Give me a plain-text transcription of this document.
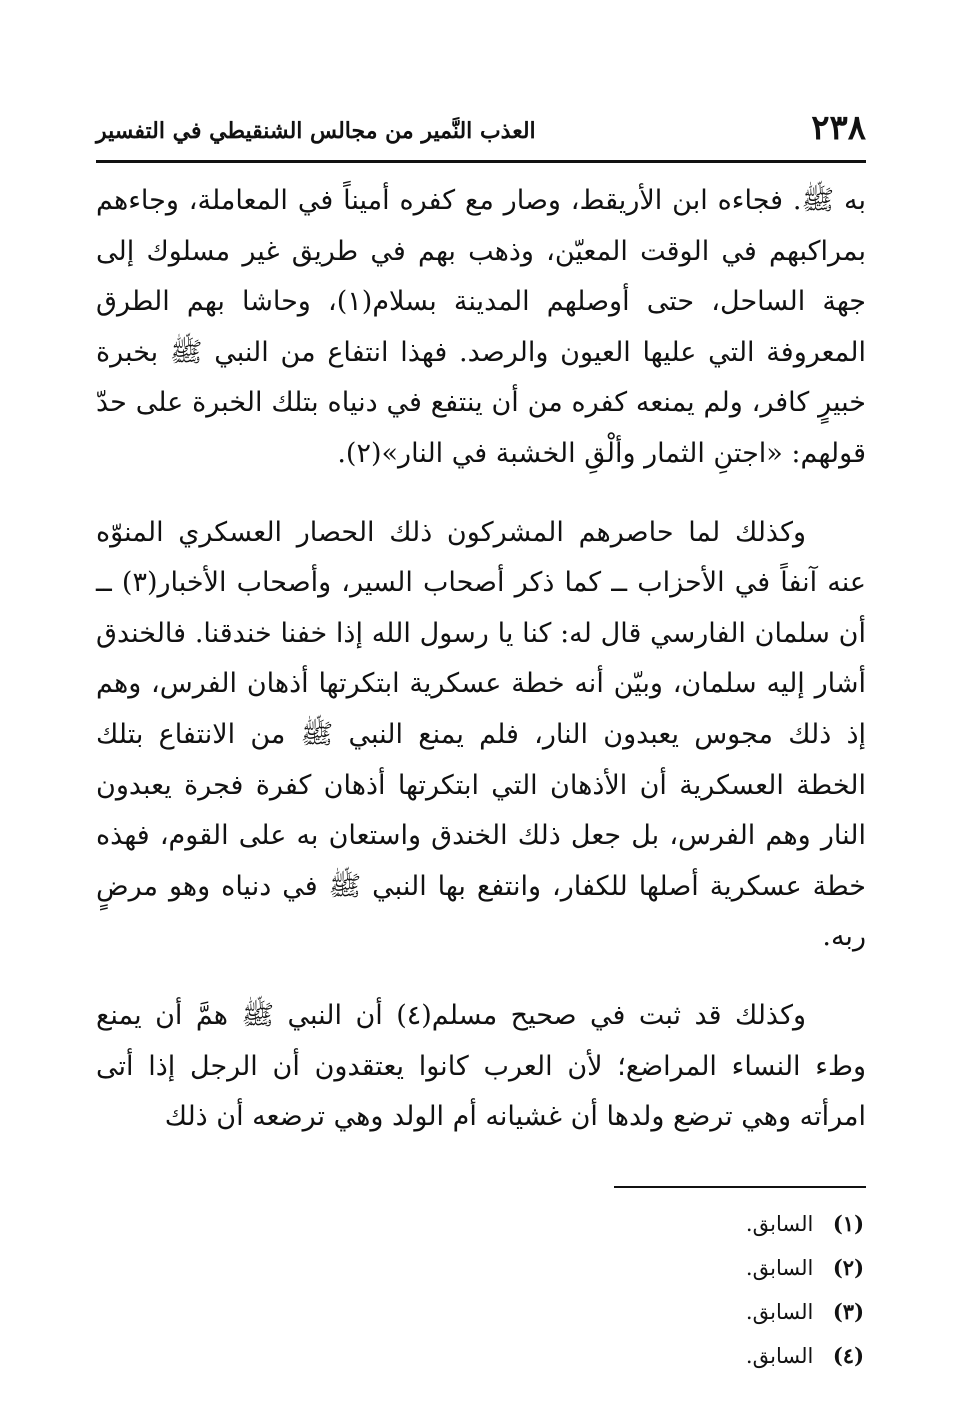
٢٣٨
العذب النَّمير من مجالس الشنقيطي في التفسير

به ﷺ. فجاءه ابن الأريقط، وصار مع كفره أميناً في المعاملة، وجاءهم بمراكبهم في الوقت المعيّن، وذهب بهم في طريق غير مسلوك إلى جهة الساحل، حتى أوصلهم المدينة بسلام(١)، وحاشا بهم الطرق المعروفة التي عليها العيون والرصد. فهذا انتفاع من النبي ﷺ بخبرة خبيرٍ كافر، ولم يمنعه كفره من أن ينتفع في دنياه بتلك الخبرة على حدّ قولهم: «اجتنِ الثمار وألْقِ الخشبة في النار»(٢).

وكذلك لما حاصرهم المشركون ذلك الحصار العسكري المنوّه عنه آنفاً في الأحزاب ــ كما ذكر أصحاب السير، وأصحاب الأخبار(٣) ــ أن سلمان الفارسي قال له: كنا يا رسول الله إذا خفنا خندقنا. فالخندق أشار إليه سلمان، وبيّن أنه خطة عسكرية ابتكرتها أذهان الفرس، وهم إذ ذلك مجوس يعبدون النار، فلم يمنع النبي ﷺ من الانتفاع بتلك الخطة العسكرية أن الأذهان التي ابتكرتها أذهان كفرة فجرة يعبدون النار وهم الفرس، بل جعل ذلك الخندق واستعان به على القوم، فهذه خطة عسكرية أصلها للكفار، وانتفع بها النبي ﷺ في دنياه وهو مرضٍ ربه.

وكذلك قد ثبت في صحيح مسلم(٤) أن النبي ﷺ همَّ أن يمنع وطء النساء المراضع؛ لأن العرب كانوا يعتقدون أن الرجل إذا أتى امرأته وهي ترضع ولدها أن غشيانه أم الولد وهي ترضعه أن ذلك

(١) السابق.
(٢) السابق.
(٣) السابق.
(٤) السابق.
